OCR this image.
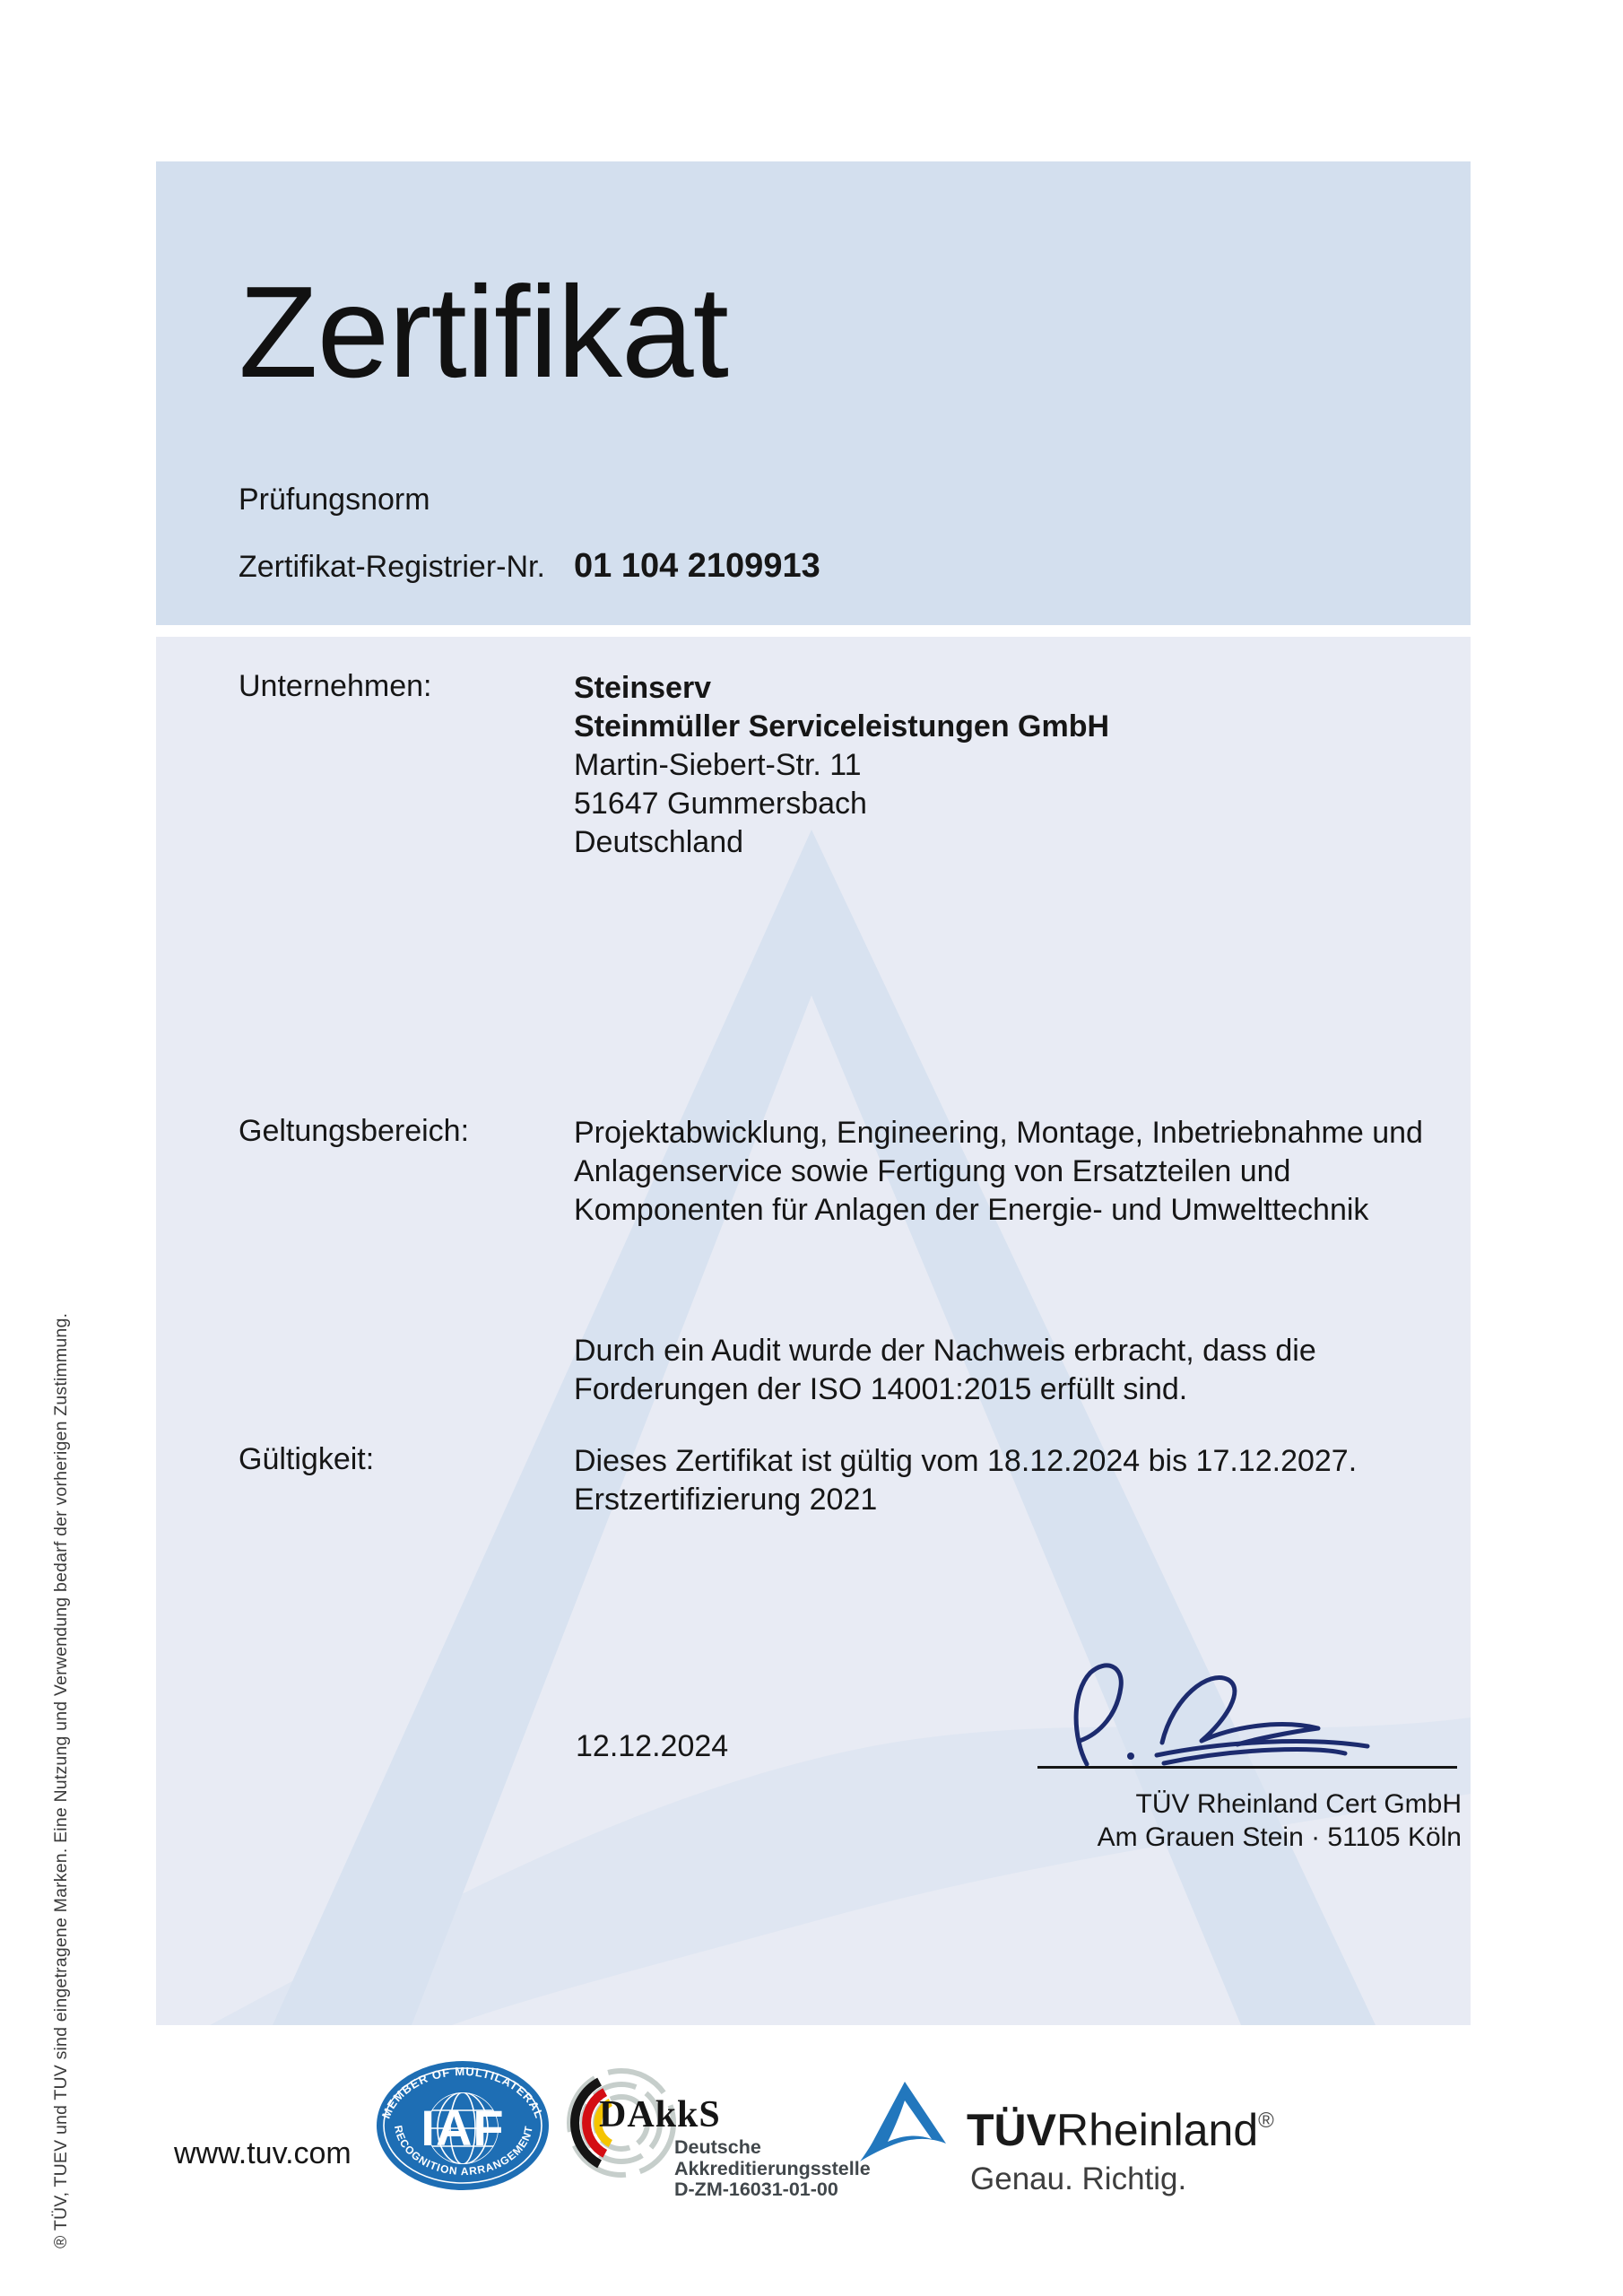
® TÜV, TUEV und TUV sind eingetragene Marken. Eine Nutzung und Verwendung bedarf der vorherigen Zustimmung.
Zertifikat
Prüfungsnorm
Zertifikat-Registrier-Nr. 01 104 2109913
Unternehmen:	Steinserv
Steinmüller Serviceleistungen GmbH
Martin-Siebert-Str. 11
51647 Gummersbach
Deutschland
Geltungsbereich:	Projektabwicklung, Engineering, Montage, Inbetriebnahme und
Anlagenservice sowie Fertigung von Ersatzteilen und
Komponenten für Anlagen der Energie- und Umwelttechnik
Durch ein Audit wurde der Nachweis erbracht, dass die
Forderungen der ISO 14001:2015 erfüllt sind.
Gültigkeit:	Dieses Zertifikat ist gültig vom 18.12.2024 bis 17.12.2027.
Erstzertifizierung 2021
12.12.2024
TÜV Rheinland Cert GmbH
Am Grauen Stein · 51105 Köln
www.tuv.com
MEMBER OF MULTILATERAL
RECOGNITION ARRANGEMENT
IAF	DAkkS
Deutsche
Akkreditierungsstelle
D-ZM-16031-01-00
TÜVRheinland®
Genau. Richtig.
